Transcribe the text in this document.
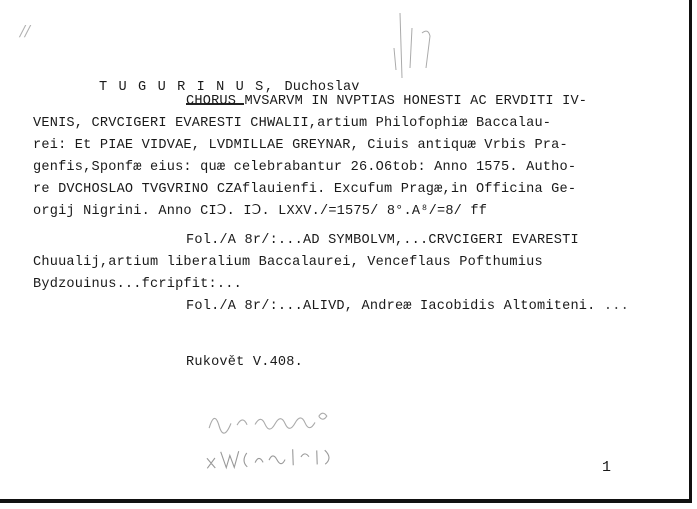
//

T U G U R I N U S, Duchoslav

CHORUS MVSARVM IN NVPTIAS HONESTI AC ERVDITI IV-
VENIS, CRVCIGERI EVARESTI CHWALII,artium Philofophiæ Baccalau-
rei: Et PIAE VIDVAE, LVDMILLAE GREYNAR, Ciuis antiquæ Vrbis Pra-
genfis,Sponfæ eius: quæ celebrabantur 26.O6tob: Anno 1575. Autho-
re DVCHOSLAO TVGVRINO CZAflauienfi. Excufum Pragæ,in Officina Ge-
orgij Nigrini. Anno CIↃ. IↃ. LXXV./=1575/ 8°.A⁸/=8/ ff
Fol./A 8r/:...AD SYMBOLVM,...CRVCIGERI EVARESTI
Chuualij,artium liberalium Baccalaurei, Venceflaus Pofthumius
Bydzouinus...fcripfit:...
Fol./A 8r/:...ALIVD, Andreæ Iacobidis Altomiteni. ...
Rukovět V.408.

1
